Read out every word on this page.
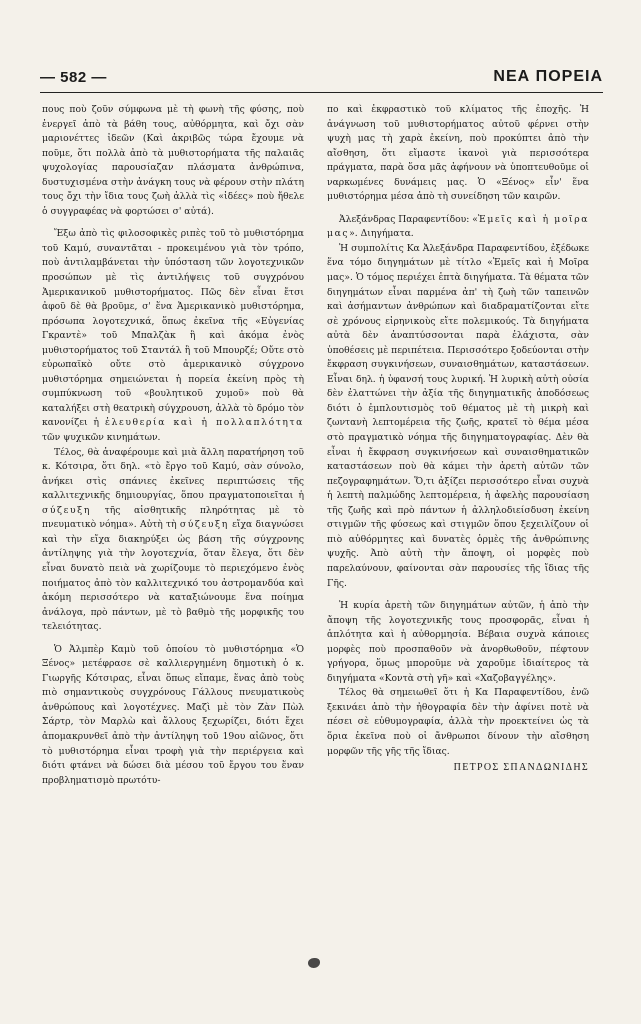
— 582 —	ΝΕΑ ΠΟΡΕΙΑ

πους ποὺ ζοῦν σύμφωνα μὲ τὴ φωνὴ τῆς φύσης, ποὺ ἐνεργεῖ ἀπὸ τὰ βάθη τους, αὐθόρμητα, καὶ ὄχι σὰν μαριονέττες ἰδεῶν (Καὶ ἀκριβῶς τώρα ἔχουμε νὰ ποῦμε, ὅτι πολλὰ ἀπὸ τὰ μυθιστορήματα τῆς παλαιᾶς ψυχολογίας παρουσίαζαν πλάσματα ἀνθρώπινα, δυστυχισμένα στὴν ἀνάγκη τους νὰ φέρουν στὴν πλάτη τους ὄχι τὴν ἴδια τους ζωὴ ἀλλὰ τὶς «ἰδέες» ποὺ ἤθελε ὁ συγγραφέας νὰ φορτώσει σ' αὐτά).

Ἔξω ἀπὸ τὶς φιλοσοφικὲς ριπὲς τοῦ τὸ μυθιστόρημα τοῦ Καμύ, συναντᾶται - προκειμένου γιὰ τὸν τρόπο, ποὺ ἀντιλαμβάνεται τὴν ὑπόσταση τῶν λογοτεχνικῶν προσώπων μὲ τὶς ἀντιλήψεις τοῦ συγχρόνου Ἀμερικανικοῦ μυθιστορήματος. Πῶς δὲν εἶναι ἔτσι ἀφοῦ δὲ θὰ βροῦμε, σ' ἕνα Ἀμερικανικὸ μυθιστόρημα, πρόσωπα λογοτεχνικά, ὅπως ἐκεῖνα τῆς «Εὐγενίας Γκραντὲ» τοῦ Μπαλζὰκ ἢ καὶ ἀκόμα ἐνὸς μυθιστορήματος τοῦ Σταντάλ ἢ τοῦ Μπουρζέ; Οὔτε στὸ εὐρωπαϊκὸ οὔτε στὸ ἀμερικανικὸ σύγχρονο μυθιστόρημα σημειώνεται ἡ πορεία ἐκείνη πρὸς τὴ συμπύκνωση τοῦ «βουλητικοῦ χυμοῦ» ποὺ θὰ καταλήξει στὴ θεατρικὴ σύγχρουση, ἀλλὰ τὸ δρόμο τὸν κανονίζει ἡ ἐλευθερία καὶ ἡ πολλαπλότητα τῶν ψυχικῶν κινημάτων.

Τέλος, θὰ ἀναφέρουμε καὶ μιὰ ἄλλη παρατήρηση τοῦ κ. Κότσιρα, ὅτι δηλ. «τὸ ἔργο τοῦ Καμύ, σὰν σύνολο, ἀνήκει στὶς σπάνιες ἐκεῖνες περιπτώσεις τῆς καλλιτεχνικῆς δημιουργίας, ὅπου πραγματοποιεῖται ἡ σύζευξη τῆς αἰσθητικῆς πληρότητας μὲ τὸ πνευματικὸ νόημα». Αὐτὴ τὴ σύζευξη εἴχα διαγνώσει καὶ τὴν εἴχα διακηρύξει ὡς βάση τῆς σύγχρονης ἀντίληψης γιὰ τὴν λογοτεχνία, ὅταν ἔλεγα, ὅτι δὲν εἶναι δυνατὸ πειὰ νὰ χωρίζουμε τὸ περιεχόμενο ἐνὸς ποιήματος ἀπὸ τὸν καλλιτεχνικό του ἀστρομανδύα καὶ ἀκόμη περισσότερο νὰ καταξιώνουμε ἕνα ποίημα ἀνάλογα, πρὸ πάντων, μὲ τὸ βαθμὸ τῆς μορφικῆς του τελειότητας.

Ὁ Ἀλμπὲρ Καμὺ τοῦ ὁποίου τὸ μυθιστόρημα «Ὁ Ξένος» μετέφρασε σὲ καλλιεργημένη δημοτικὴ ὁ κ. Γιωργῆς Κότσιρας, εἶναι ὅπως εἴπαμε, ἕνας ἀπὸ τοὺς πιὸ σημαντικοὺς συγχρόνους Γάλλους πνευματικοὺς ἀνθρώπους καὶ λογοτέχνες. Μαζὶ μὲ τὸν Ζὰν Πὼλ Σάρτρ, τὸν Μαρλὼ καὶ ἄλλους ξεχωρίζει, διότι ἔχει ἀπομακρυνθεῖ ἀπὸ τὴν ἀντίληψη τοῦ 19ου αἰῶνος, ὅτι τὸ μυθιστόρημα εἶναι τροφὴ γιὰ τὴν περιέργεια καὶ διότι φτάνει νὰ δώσει διὰ μέσου τοῦ ἔργου του ἕναν προβληματισμὸ πρωτότυ-

πο καὶ ἐκφραστικὸ τοῦ κλίματος τῆς ἐποχῆς. Ἡ ἀνάγνωση τοῦ μυθιστορήματος αὐτοῦ φέρνει στὴν ψυχὴ μας τὴ χαρὰ ἐκείνη, ποὺ προκύπτει ἀπὸ τὴν αἴσθηση, ὅτι εἴμαστε ἱκανοὶ γιὰ περισσότερα πράγματα, παρὰ ὅσα μᾶς ἀφήνουν νὰ ὑποπτευθοῦμε οἱ ναρκωμένες δυνάμεις μας. Ὁ «Ξένος» εἶν' ἕνα μυθιστόρημα μέσα ἀπὸ τὴ συνείδηση τῶν καιρῶν.

Ἀλεξάνδρας Παραφεντίδου: «Ἐμεῖς καὶ ἡ μοῖρα μας». Διηγήματα.

Ἡ συμπολίτις Κα Ἀλεξάνδρα Παραφεντίδου, ἐξέδωκε ἕνα τόμο διηγημάτων μὲ τίτλο «Ἐμεῖς καὶ ἡ Μοῖρα μας». Ὁ τόμος περιέχει ἑπτὰ διηγήματα. Τὰ θέματα τῶν διηγημάτων εἶναι παρμένα ἀπ' τὴ ζωὴ τῶν ταπεινῶν καὶ ἀσήμαντων ἀνθρώπων καὶ διαδραματίζονται εἴτε σὲ χρόνους εἰρηνικοὺς εἴτε πολεμικούς. Τὰ διηγήματα αὐτὰ δὲν ἀναπτύσσονται παρὰ ἐλάχιστα, σὰν ὑποθέσεις μὲ περιπέτεια. Περισσότερο ξοδεύονται στὴν ἔκφραση συγκινήσεων, συναισθημάτων, καταστάσεων. Εἶναι δηλ. ἡ ὑφανσή τους λυρική. Ἡ λυρικὴ αὐτὴ οὐσία δὲν ἐλαττώνει τὴν ἀξία τῆς διηγηματικῆς ἀποδόσεως διότι ὁ ἐμπλουτισμὸς τοῦ θέματος μὲ τὴ μικρὴ καὶ ζωντανὴ λεπτομέρεια τῆς ζωῆς, κρατεῖ τὸ θέμα μέσα στὸ πραγματικὸ νόημα τῆς διηγηματογραφίας. Δὲν θὰ εἶναι ἡ ἔκφραση συγκινήσεων καὶ συναισθηματικῶν καταστάσεων ποὺ θὰ κάμει τὴν ἀρετὴ αὐτῶν τῶν πεζογραφημάτων. Ὅ,τι ἀξίζει περισσότερο εἶναι συχνὰ ἡ λεπτὴ παλμώδης λεπτομέρεια, ἡ ἀφελὴς παρουσίαση τῆς ζωῆς καὶ πρὸ πάντων ἡ ἀλληλοδιείσδυση ἐκείνη στιγμῶν τῆς φύσεως καὶ στιγμῶν ὅπου ξεχειλίζουν οἱ πιὸ αὐθόρμητες καὶ δυνατὲς ὁρμὲς τῆς ἀνθρώπινης ψυχῆς. Ἀπὸ αὐτὴ τὴν ἄποψη, οἱ μορφὲς ποὺ παρελαύνουν, φαίνονται σὰν παρουσίες τῆς ἴδιας τῆς Γῆς.

Ἡ κυρία ἀρετὴ τῶν διηγημάτων αὐτῶν, ἡ ἀπὸ τὴν ἄποψη τῆς λογοτεχνικῆς τους προσφορᾶς, εἶναι ἡ ἁπλότητα καὶ ἡ αὐθορμησία. Βέβαια συχνὰ κάποιες μορφὲς ποὺ προσπαθοῦν νὰ ἀνορθωθοῦν, πέφτουν γρήγορα, ὅμως μποροῦμε νὰ χαροῦμε ἰδιαίτερος τὰ διηγήματα «Κοντὰ στὴ γῆ» καὶ «Χαζοβαγγέλης».

Τέλος θὰ σημειωθεῖ ὅτι ἡ Κα Παραφεντίδου, ἐνῶ ξεκινάει ἀπὸ τὴν ἠθογραφία δὲν τὴν ἀφίνει ποτὲ νὰ πέσει σὲ εὐθυμογραφία, ἀλλὰ τὴν προεκτείνει ὡς τὰ ὅρια ἐκεῖνα ποὺ οἱ ἄνθρωποι δίνουν τὴν αἴσθηση μορφῶν τῆς γῆς τῆς ἴδιας.

ΠΕΤΡΟΣ ΣΠΑΝΔΩΝΙΔΗΣ
